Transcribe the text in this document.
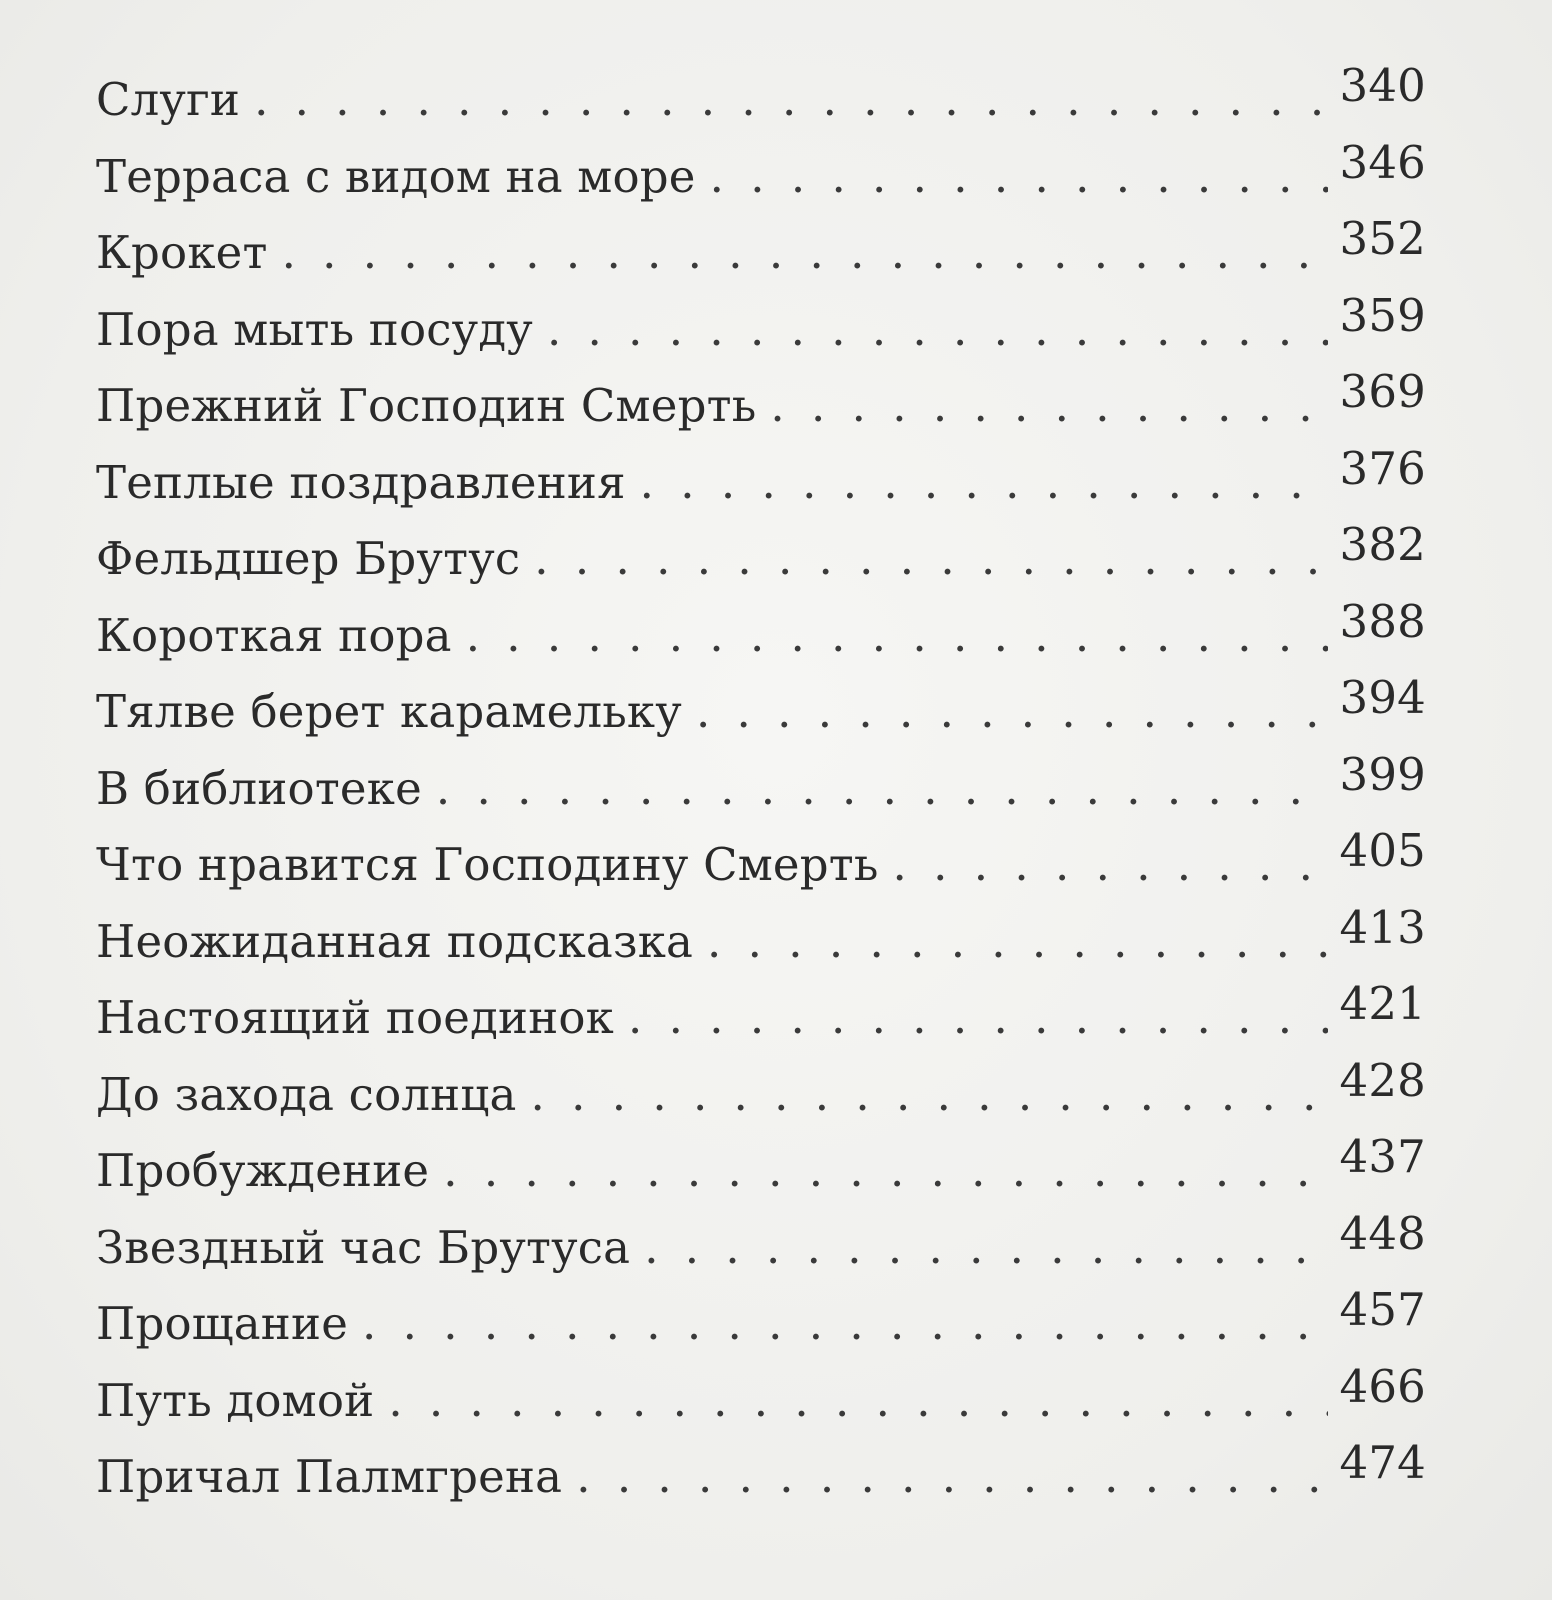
Слуги . . .	340
Терраса с видом на море . . .	346
Крокет . . .	352
Пора мыть посуду . . .	359
Прежний Господин Смерть . . .	369
Теплые поздравления . . .	376
Фельдшер Брутус . . .	382
Короткая пора . . .	388
Тялве берет карамельку . . .	394
В библиотеке . . .	399
Что нравится Господину Смерть . . .	405
Неожиданная подсказка . . .	413
Настоящий поединок . . .	421
До захода солнца . . .	428
Пробуждение . . .	437
Звездный час Брутуса . . .	448
Прощание . . .	457
Путь домой . . .	466
Причал Палмгрена . . .	474
